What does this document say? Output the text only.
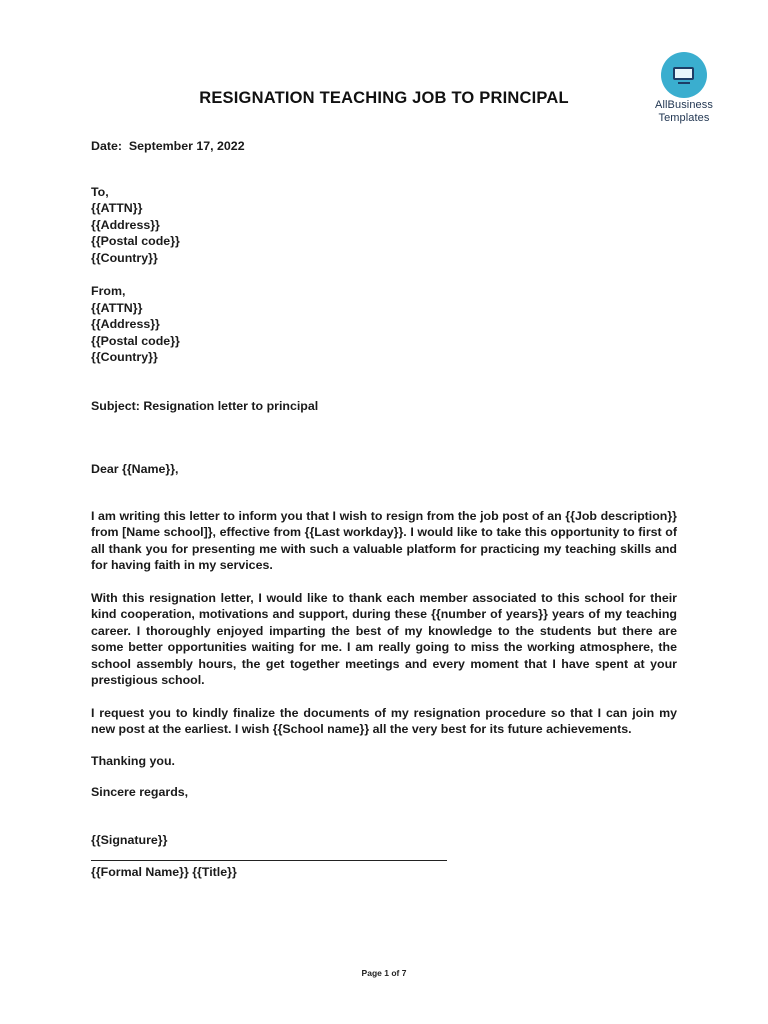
AllBusiness
Templates
RESIGNATION TEACHING JOB TO PRINCIPAL
Date: September 17, 2022
To,
{{ATTN}}
{{Address}}
{{Postal code}}
{{Country}}
From,
{{ATTN}}
{{Address}}
{{Postal code}}
{{Country}}
Subject: Resignation letter to principal
Dear {{Name}},

I am writing this letter to inform you that I wish to resign from the job post of an {{Job description}} from [Name school]}, effective from {{Last workday}}. I would like to take this opportunity to first of all thank you for presenting me with such a valuable platform for practicing my teaching skills and for having faith in my services.

With this resignation letter, I would like to thank each member associated to this school for their kind cooperation, motivations and support, during these {{number of years}} years of my teaching career. I thoroughly enjoyed imparting the best of my knowledge to the students but there are some better opportunities waiting for me. I am really going to miss the working atmosphere, the school assembly hours, the get together meetings and every moment that I have spent at your prestigious school.

I request you to kindly finalize the documents of my resignation procedure so that I can join my new post at the earliest. I wish {{School name}} all the very best for its future achievements.

Thanking you.
Sincere regards,
{{Signature}}
{{Formal Name}} {{Title}}
Page 1 of 7
